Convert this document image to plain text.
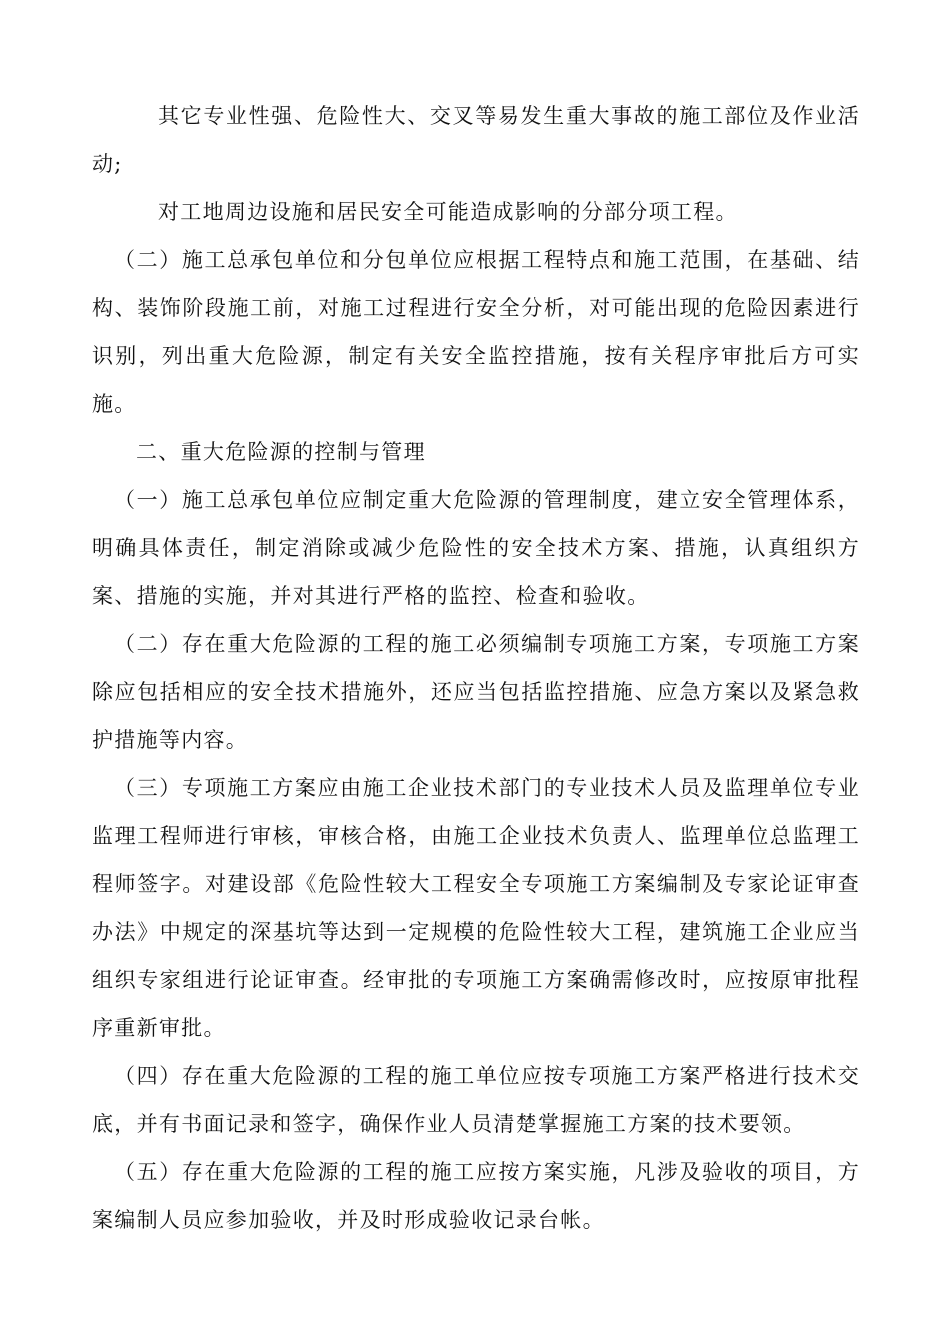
其它专业性强、危险性大、交叉等易发生重大事故的施工部位及作业活动;

对工地周边设施和居民安全可能造成影响的分部分项工程。

（二）施工总承包单位和分包单位应根据工程特点和施工范围，在基础、结构、装饰阶段施工前，对施工过程进行安全分析，对可能出现的危险因素进行识别，列出重大危险源，制定有关安全监控措施，按有关程序审批后方可实施。

二、重大危险源的控制与管理

（一）施工总承包单位应制定重大危险源的管理制度，建立安全管理体系，明确具体责任，制定消除或减少危险性的安全技术方案、措施，认真组织方案、措施的实施，并对其进行严格的监控、检查和验收。

（二）存在重大危险源的工程的施工必须编制专项施工方案，专项施工方案除应包括相应的安全技术措施外，还应当包括监控措施、应急方案以及紧急救护措施等内容。

（三）专项施工方案应由施工企业技术部门的专业技术人员及监理单位专业监理工程师进行审核，审核合格，由施工企业技术负责人、监理单位总监理工程师签字。对建设部《危险性较大工程安全专项施工方案编制及专家论证审查办法》中规定的深基坑等达到一定规模的危险性较大工程，建筑施工企业应当组织专家组进行论证审查。经审批的专项施工方案确需修改时，应按原审批程序重新审批。

（四）存在重大危险源的工程的施工单位应按专项施工方案严格进行技术交底，并有书面记录和签字，确保作业人员清楚掌握施工方案的技术要领。

（五）存在重大危险源的工程的施工应按方案实施，凡涉及验收的项目，方案编制人员应参加验收，并及时形成验收记录台帐。
